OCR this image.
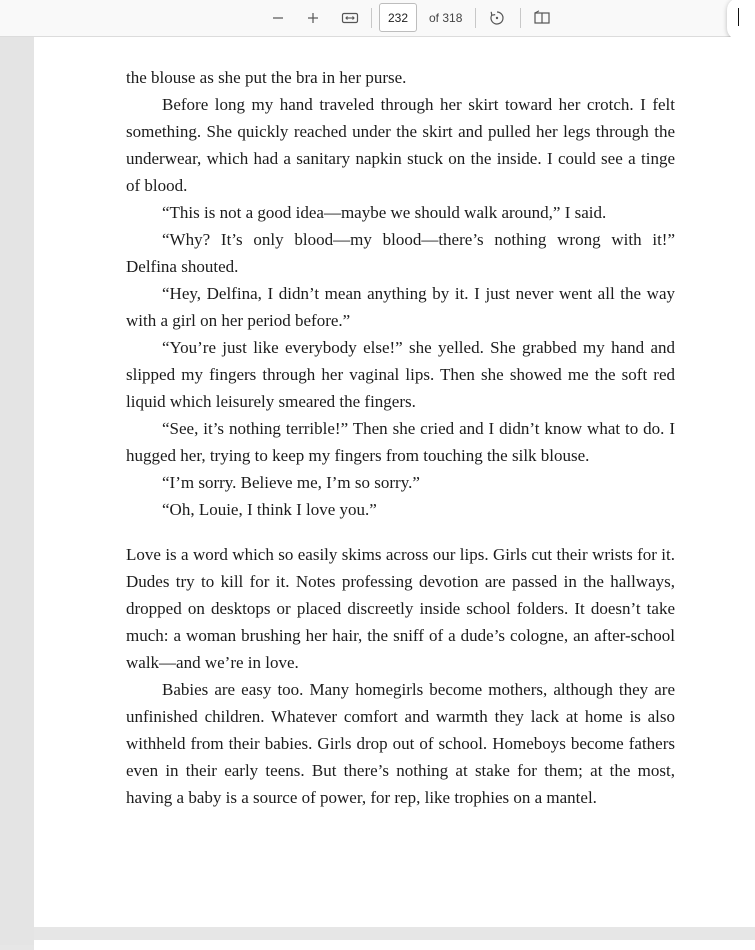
232
of 318

the blouse as she put the bra in her purse.

Before long my hand traveled through her skirt toward her crotch. I felt something. She quickly reached under the skirt and pulled her legs through the underwear, which had a sanitary napkin stuck on the inside. I could see a tinge of blood.

“This is not a good idea—maybe we should walk around,” I said.

“Why? It’s only blood—my blood—there’s nothing wrong with it!” Delfina shouted.

“Hey, Delfina, I didn’t mean anything by it. I just never went all the way with a girl on her period before.”

“You’re just like everybody else!” she yelled. She grabbed my hand and slipped my fingers through her vaginal lips. Then she showed me the soft red liquid which leisurely smeared the fingers.

“See, it’s nothing terrible!” Then she cried and I didn’t know what to do. I hugged her, trying to keep my fingers from touching the silk blouse.

“I’m sorry. Believe me, I’m so sorry.”

“Oh, Louie, I think I love you.”

Love is a word which so easily skims across our lips. Girls cut their wrists for it. Dudes try to kill for it. Notes professing devotion are passed in the hallways, dropped on desktops or placed discreetly inside school folders. It doesn’t take much: a woman brushing her hair, the sniff of a dude’s cologne, an after-school walk—and we’re in love.

Babies are easy too. Many homegirls become mothers, although they are unfinished children. Whatever comfort and warmth they lack at home is also withheld from their babies. Girls drop out of school. Homeboys become fathers even in their early teens. But there’s nothing at stake for them; at the most, having a baby is a source of power, for rep, like trophies on a mantel.
